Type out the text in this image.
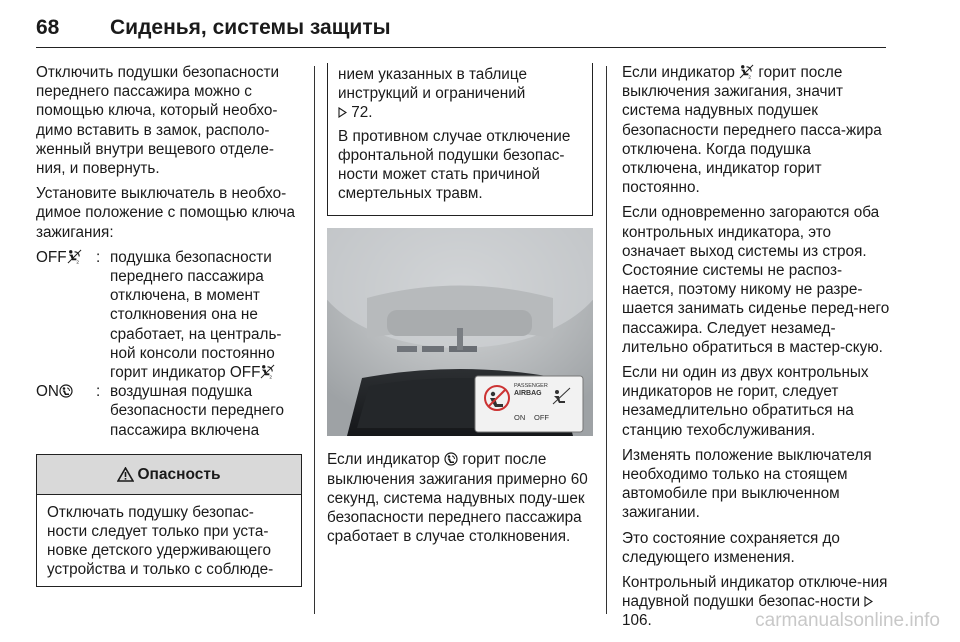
68 Сиденья, системы защиты

Отключить подушки безопасности переднего пассажира можно с помощью ключа, который необхо-димо вставить в замок, располо-женный внутри вещевого отделе-ния, и повернуть.

Установите выключатель в необхо-димое положение с помощью ключа зажигания:

OFF 2 : подушка безопасности переднего пассажира отключена, в момент столкновения она не сработает, на централь-ной консоли постоянно горит индикатор OFF 2
ON	: воздушная подушка безопасности переднего пассажира включена
Опасность
Отключать подушку безопас-ности следует только при уста-новке детского удерживающего устройства и только с соблюде-

нием указанных в таблице инструкций и ограничений
72.

В противном случае отключение фронтальной подушки безопас-ности может стать причиной смертельных травм.

PASSENGER
AIRBAG
ON OFF

Если индикатор горит после выключения зажигания примерно 60 секунд, система надувных поду-шек безопасности переднего пассажира сработает в случае столкновения.

Если индикатор	2 горит после выключения зажигания, значит система надувных подушек безопасности переднего пасса-жира отключена. Когда подушка отключена, индикатор горит постоянно.

Если одновременно загораются оба контрольных индикатора, это означает выход системы из строя. Состояние системы не распоз-нается, поэтому никому не разре-шается занимать сиденье перед-него пассажира. Следует незамед-лительно обратиться в мастер-скую.

Если ни один из двух контрольных индикаторов не горит, следует незамедлительно обратиться на станцию техобслуживания.

Изменять положение выключателя необходимо только на стоящем автомобиле при выключенном зажигании.

Это состояние сохраняется до следующего изменения.

Контрольный индикатор отключе-ния надувной подушки безопас-ности  106.	carmanualsonline.info
